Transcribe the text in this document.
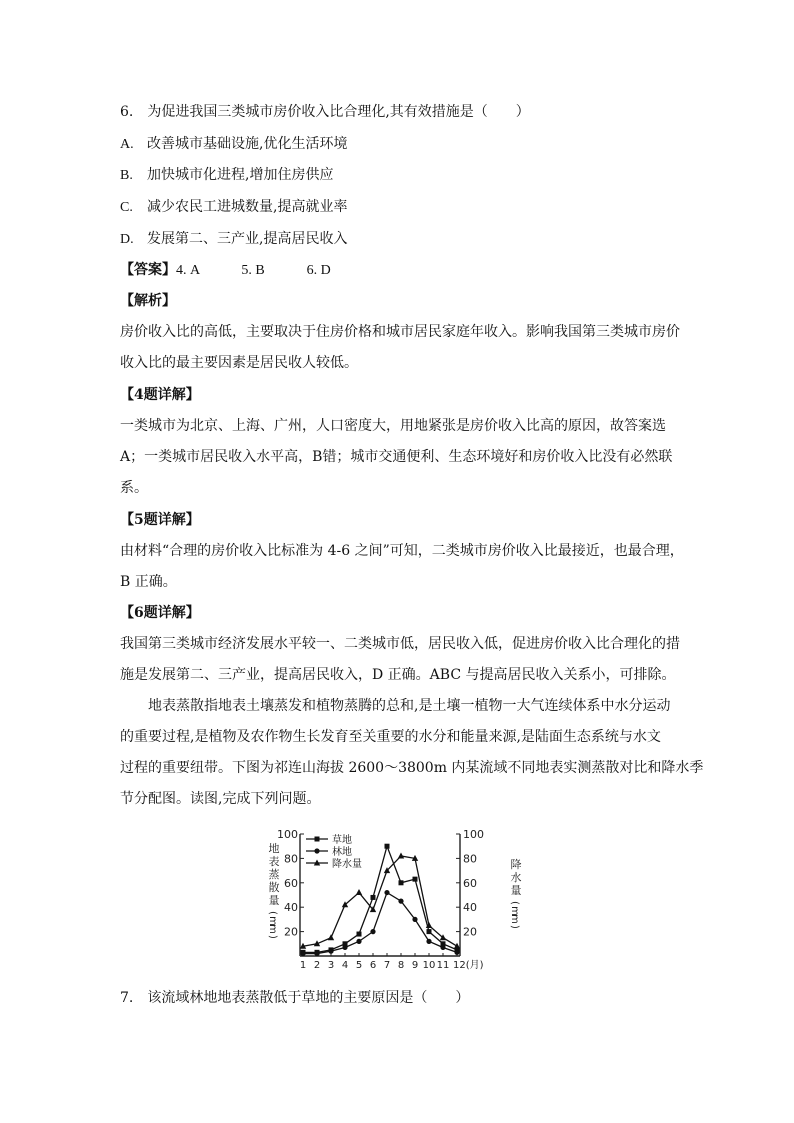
6.　为促进我国三类城市房价收入比合理化,其有效措施是（　　）
A. 改善城市基础设施,优化生活环境
B. 加快城市化进程,增加住房供应
C. 减少农民工进城数量,提高就业率
D. 发展第二、三产业,提高居民收入
【答案】4. A　　　5. B　　　6. D
【解析】
房价收入比的高低，主要取决于住房价格和城市居民家庭年收入。影响我国第三类城市房价
收入比的最主要因素是居民收人较低。
【4题详解】
一类城市为北京、上海、广州，人口密度大，用地紧张是房价收入比高的原因，故答案选
A；一类城市居民收入水平高，B错；城市交通便利、生态环境好和房价收入比没有必然联
系。
【5题详解】
由材料“合理的房价收入比标准为 4-6 之间”可知，二类城市房价收入比最接近，也最合理，
B 正确。
【6题详解】
我国第三类城市经济发展水平较一、二类城市低，居民收入低，促进房价收入比合理化的措
施是发展第二、三产业，提高居民收入，D 正确。ABC 与提高居民收入关系小，可排除。
地表蒸散指地表土壤蒸发和植物蒸腾的总和,是土壤一植物一大气连续体系中水分运动
的重要过程,是植物及农作物生长发育至关重要的水分和能量来源,是陆面生态系统与水文
过程的重要纽带。下图为祁连山海拔 2600～3800m 内某流域不同地表实测蒸散对比和降水季
节分配图。读图,完成下列问题。
20	20
40	40
60	60
80	80
100	100
1 2 3 4 5 6 7 8 9 10 11 12(月)
地
表
蒸
散
量
(
m
m
)
降
水
量
(
m
m
)
草地
林地
降水量
7.　该流域林地地表蒸散低于草地的主要原因是（　　）
